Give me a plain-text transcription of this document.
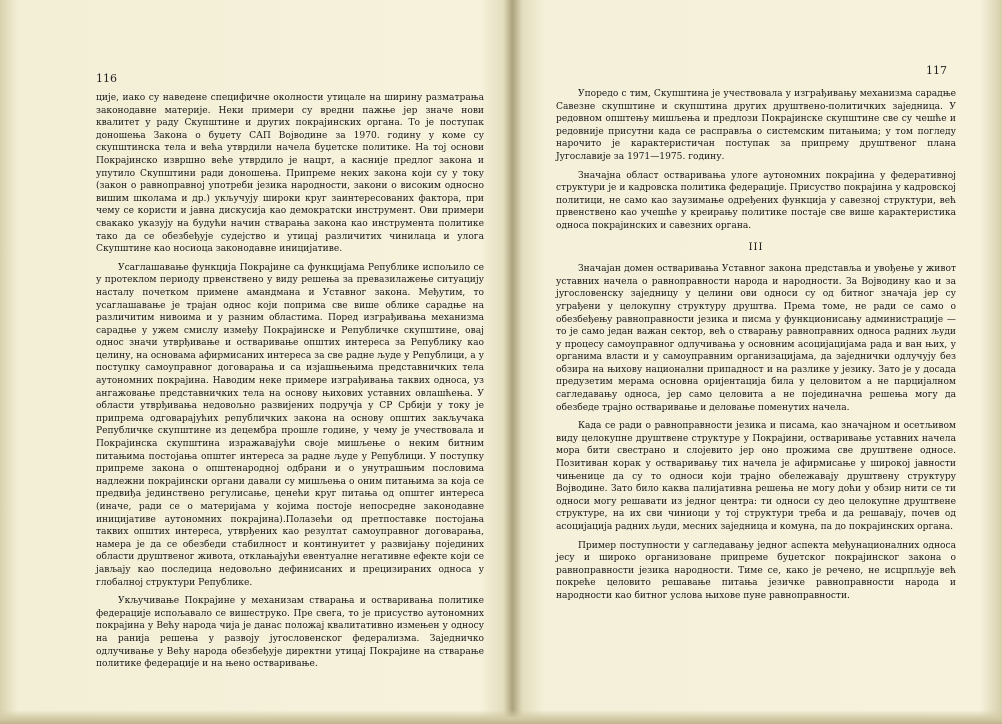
116

ције, иако су наведене специфичне околности утицале на ширину разматрања законодавне материје. Неки примери су вредни пажње јер значе нови квалитет у раду Скупштине и других покрајинских органа. То је поступак доношења Закона о буџету САП Војводине за 1970. годину у коме су скупштинска тела и већа утврдили начела буџетске политике. На тој основи Покрајинско извршно веће утврдило је нацрт, а касније предлог закона и упутило Скупштини ради доношења. Припреме неких закона који су у току (закон о равноправној употреби језика народности, закони о високим односно вишим школама и др.) укључују широки круг заинтересованих фактора, при чему се користи и јавна дискусија као демократски инструмент. Ови примери свакако указују на будући начин стварања закона као инструмента политике тако да се обезбеђује судејство и утицај различитих чинилаца и улога Скупштине као носиоца законодавне иницијативе.

Усаглашавање функција Покрајине са функцијама Републике испољило се у протеклом периоду првенствено у виду решења за превазилажење ситуацију насталу почетком примене амандмана и Уставног закона. Међутим, то усаглашавање је трајан однос који поприма све више облике сарадње на различитим нивоима и у разним областима. Поред изграђивања механизма сарадње у ужем смислу између Покрајинске и Републичке скупштине, овај однос значи утврђивање и остваривање општих интереса за Републику као целину, на основама афирмисаних интереса за све радне људе у Републици, а у поступку самоуправног договарања и са изјашњењима представничких тела аутономних покрајина. Наводим неке примере изграђивања таквих односа, уз ангажовање представничких тела на основу њихових уставних овлашћења. У области утврђивања недовољно развијених подручја у СР Србији у току је припрема одговарајућих републичких закона на основу општих закључака Републичке скупштине из децембра прошле године, у чему је учествовала и Покрајинска скупштина изражавајући своје мишљење о неким битним питањима постојања општег интереса за радне људе у Републици. У поступку припреме закона о општенародној одбрани и о унутрашњим пословима надлежни покрајински органи давали су мишљења о оним питањима за која се предвиђа јединствено регулисање, ценећи круг питања од општег интереса (иначе, ради се о материјама у којима постоје непосредне законодавне иницијативе аутономних покрајина).Полазећи од претпоставке постојања таквих општих интересa, утврђених као резултат самоуправног договарања, намера је да се обезбеди стабилност и континуитет у развијању појединих области друштвеног живота, отклањајући евентуалне негативне ефекте који се јављају као последица недовољно дефинисаних и прецизираних односа у глобалној структури Републике.

Укључивање Покрајине у механизам стварања и остваривања политике федерације испољавало се вишеструко. Пре свега, то је присуство аутономних покрајина у Већу народа чија је данас положај квалитативно измењен у односу на ранија решења у развоју југословенског федерализма. Заједничко одлучивање у Већу народа обезбеђује директни утицај Покрајине на стварање политике федерације и на њено остваривање.

117

Упоредо с тим, Скупштина је учествовала у изграђивању механизма сарадње Савезне скупштине и скупштина других друштвено-политичких заједница. У редовном општењу мишљења и предлози Покрајинске скупштине све су чешће и редовније присутни када се расправља о системским питањима; у том погледу нарочито је карактеристичан поступак за припрему друштвеног плана Југославије за 1971—1975. годину.

Значајна област остваривања улоге аутономних покрајина у федеративној структури је и кадровска политика федерације. Присуство покрајина у кадровској политици, не само као заузимање одређених функција у савезној структури, већ првенствено као учешће у креирању политике постаје све више карактеристика односа покрајинских и савезних органа.

III

Значајан домен остваривања Уставног закона представља и увођење у живот уставних начела о равноправности народа и народности. За Војводину као и за југословенску заједницу у целини ови односи су од битног значаја јер су уграђени у целокупну структуру друштва. Према томе, не ради се само о обезбеђењу равноправности језика и писма у функционисању администрације — то је само један важан сектор, већ о стварању равноправних односа радних људи у процесу самоуправног одлучивања у основним асоцијацијама рада и ван њих, у органима власти и у самоуправним организацијама, да заједнички одлучују без обзира на њихову национални припадност и на разлике у језику. Зато је у досада предузетим мерама основна оријентација била у целовитом а не парцијалном сагледавању односа, јер само целовита а не појединачна решења могу да обезбеде трајно остваривање и деловање поменутих начела.

Када се ради о равноправности језика и писама, као значајном и осетљивом виду целокупне друштвене структуре у Покрајини, остваривање уставних начела мора бити свестрано и слојевито јер оно прожима све друштвене односе. Позитиван корак у остваривању тих начела је афирмисање у широкој јавности чињенице да су то односи који трајно обележавају друштвену структуру Војводине. Зато било каква палијативна решења не могу доћи у обзир нити се ти односи могу решавати из једног центра: ти односи су део целокупне друштвене структуре, на их сви чиниоци у тој структури треба и да решавају, почев од асоцијација радних људи, месних заједница и комуна, па до покрајинских органа.

Пример поступности у сагледавању једног аспекта међунационалних односа јесу и широко организоване припреме буџетског покрајинског закона о равноправности језика народности. Тиме се, како је речено, не исцрпљује већ покреће целовито решавање питања језичке равноправности народа и народности као битног услова њихове пуне равноправности.
